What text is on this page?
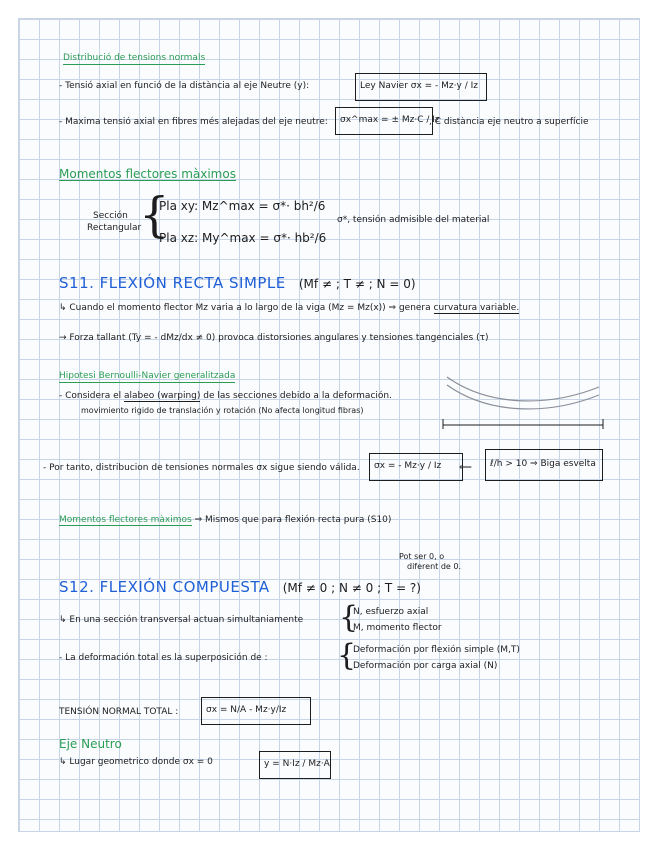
Distribució de tensions normals
- Tensió axial en funció de la distància al eje Neutre (y):	Ley Navier σx = - Mz·y / Iz
- Maxima tensió axial en fibres més alejadas del eje neutre:	σx^max = ± Mz·C / Iz
, C distància eje neutro a superfície
Momentos flectores màximos
Sección
Rectangular
{
Pla xy: Mz^max = σ*· bh²/6
Pla xz: My^max = σ*· hb²/6
σ*, tensión admisible del material
S11. FLEXIÓN RECTA SIMPLE (Mf ≠ ; T ≠ ; N = 0)
↳ Cuando el momento flector Mz varia a lo largo de la viga (Mz = Mz(x)) ⇒ genera curvatura variable.
→ Forza tallant (Ty = - dMz/dx ≠ 0) provoca distorsiones angulares y tensiones tangenciales (τ)
Hipotesi Bernoulli-Navier generalitzada
- Considera el alabeo (warping) de las secciones debido a la deformación.
movimiento rigido de translación y rotación (No afecta longitud fibras)
- Por tanto, distribucion de tensiones normales σx sigue siendo válida.	σx = - Mz·y / Iz	⟸	ℓ/h > 10 ⇒ Biga esvelta
Momentos flectores màximos ⇒ Mismos que para flexión recta pura (S10)
Pot ser 0, o
diferent de 0.
S12. FLEXIÓN COMPUESTA (Mf ≠ 0 ; N ≠ 0 ; T = ?)
↳ En una sección transversal actuan simultaniamente {
N, esfuerzo axial
M, momento flector
- La deformación total es la superposición de : {
Deformación por flexión simple (M,T)
Deformación por carga axial (N)
TENSIÓN NORMAL TOTAL :	σx = N/A - Mz·y/Iz
Eje Neutro
↳ Lugar geometrico donde σx = 0	y = N·Iz / Mz·A
